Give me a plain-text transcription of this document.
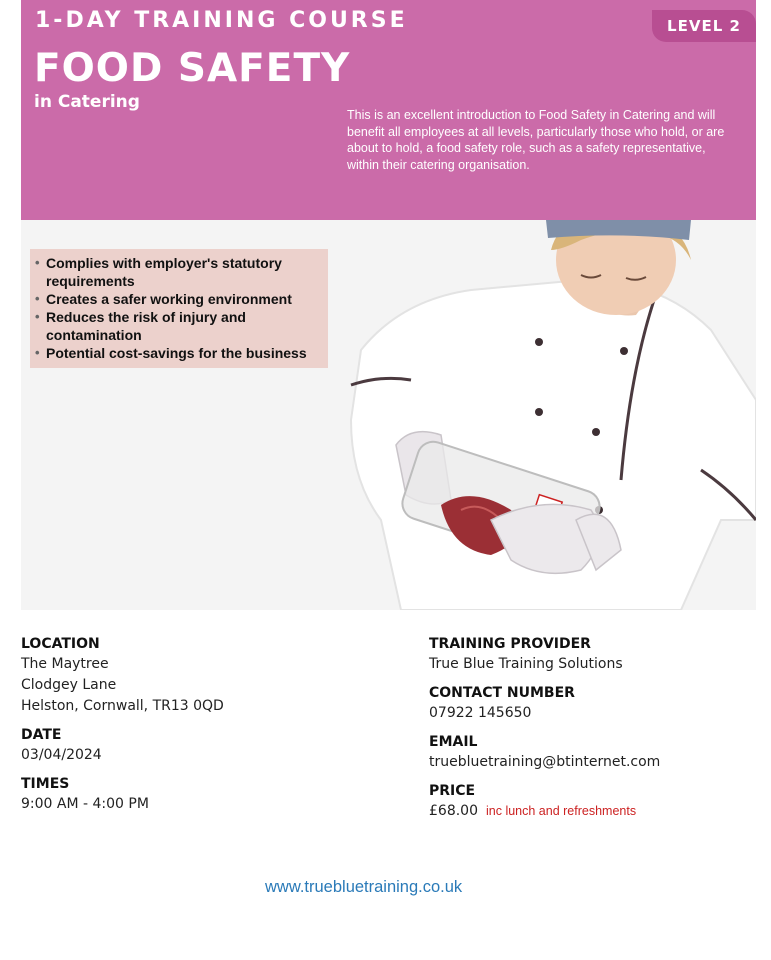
1-DAY TRAINING COURSE	LEVEL 2
FOOD SAFETY
in Catering
This is an excellent introduction to Food Safety in Catering and will benefit all employees at all levels, particularly those who hold, or are about to hold, a food safety role, such as a safety representative, within their catering organisation.

• Complies with employer's statutory requirements

• Creates a safer working environment

• Reduces the risk of injury and contamination

• Potential cost-savings for the business

LOCATION

The Maytree

Clodgey Lane

Helston, Cornwall, TR13 0QD

DATE

03/04/2024

TIMES

9:00 AM - 4:00 PM

TRAINING PROVIDER

True Blue Training Solutions

CONTACT NUMBER

07922 145650

EMAIL

truebluetraining@btinternet.com

PRICE

£68.00 inc lunch and refreshments

www.truebluetraining.co.uk
